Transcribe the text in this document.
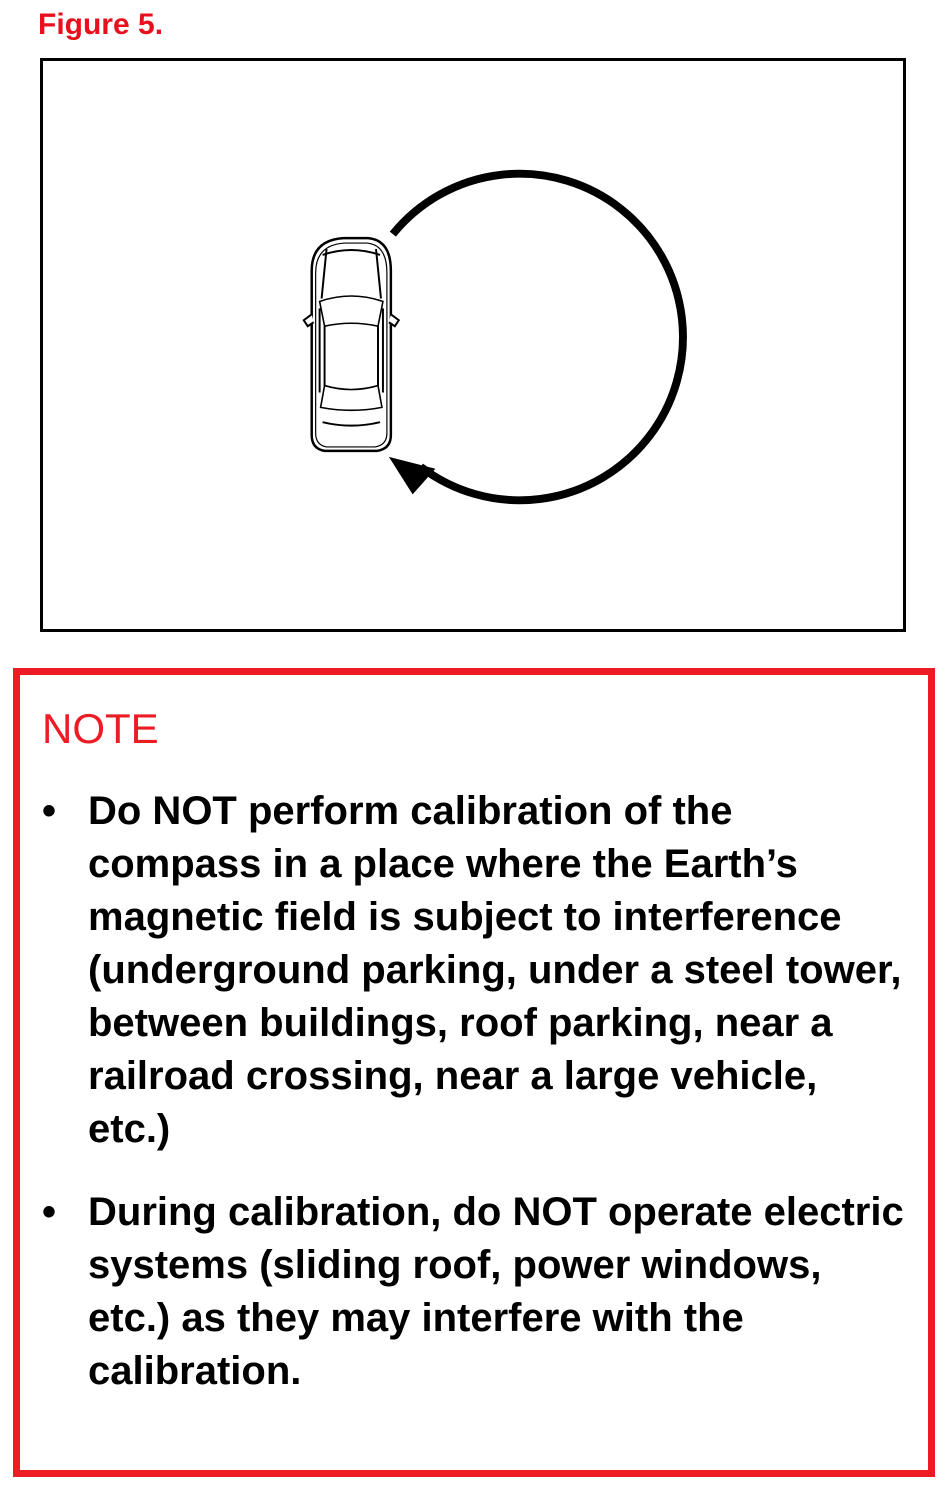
Figure 5.
NOTE
• Do NOT perform calibration of the compass in a place where the Earth’s magnetic field is subject to interference (underground parking, under a steel tower, between buildings, roof parking, near a railroad crossing, near a large vehicle, etc.)
• During calibration, do NOT operate electric systems (sliding roof, power windows, etc.) as they may interfere with the calibration.
